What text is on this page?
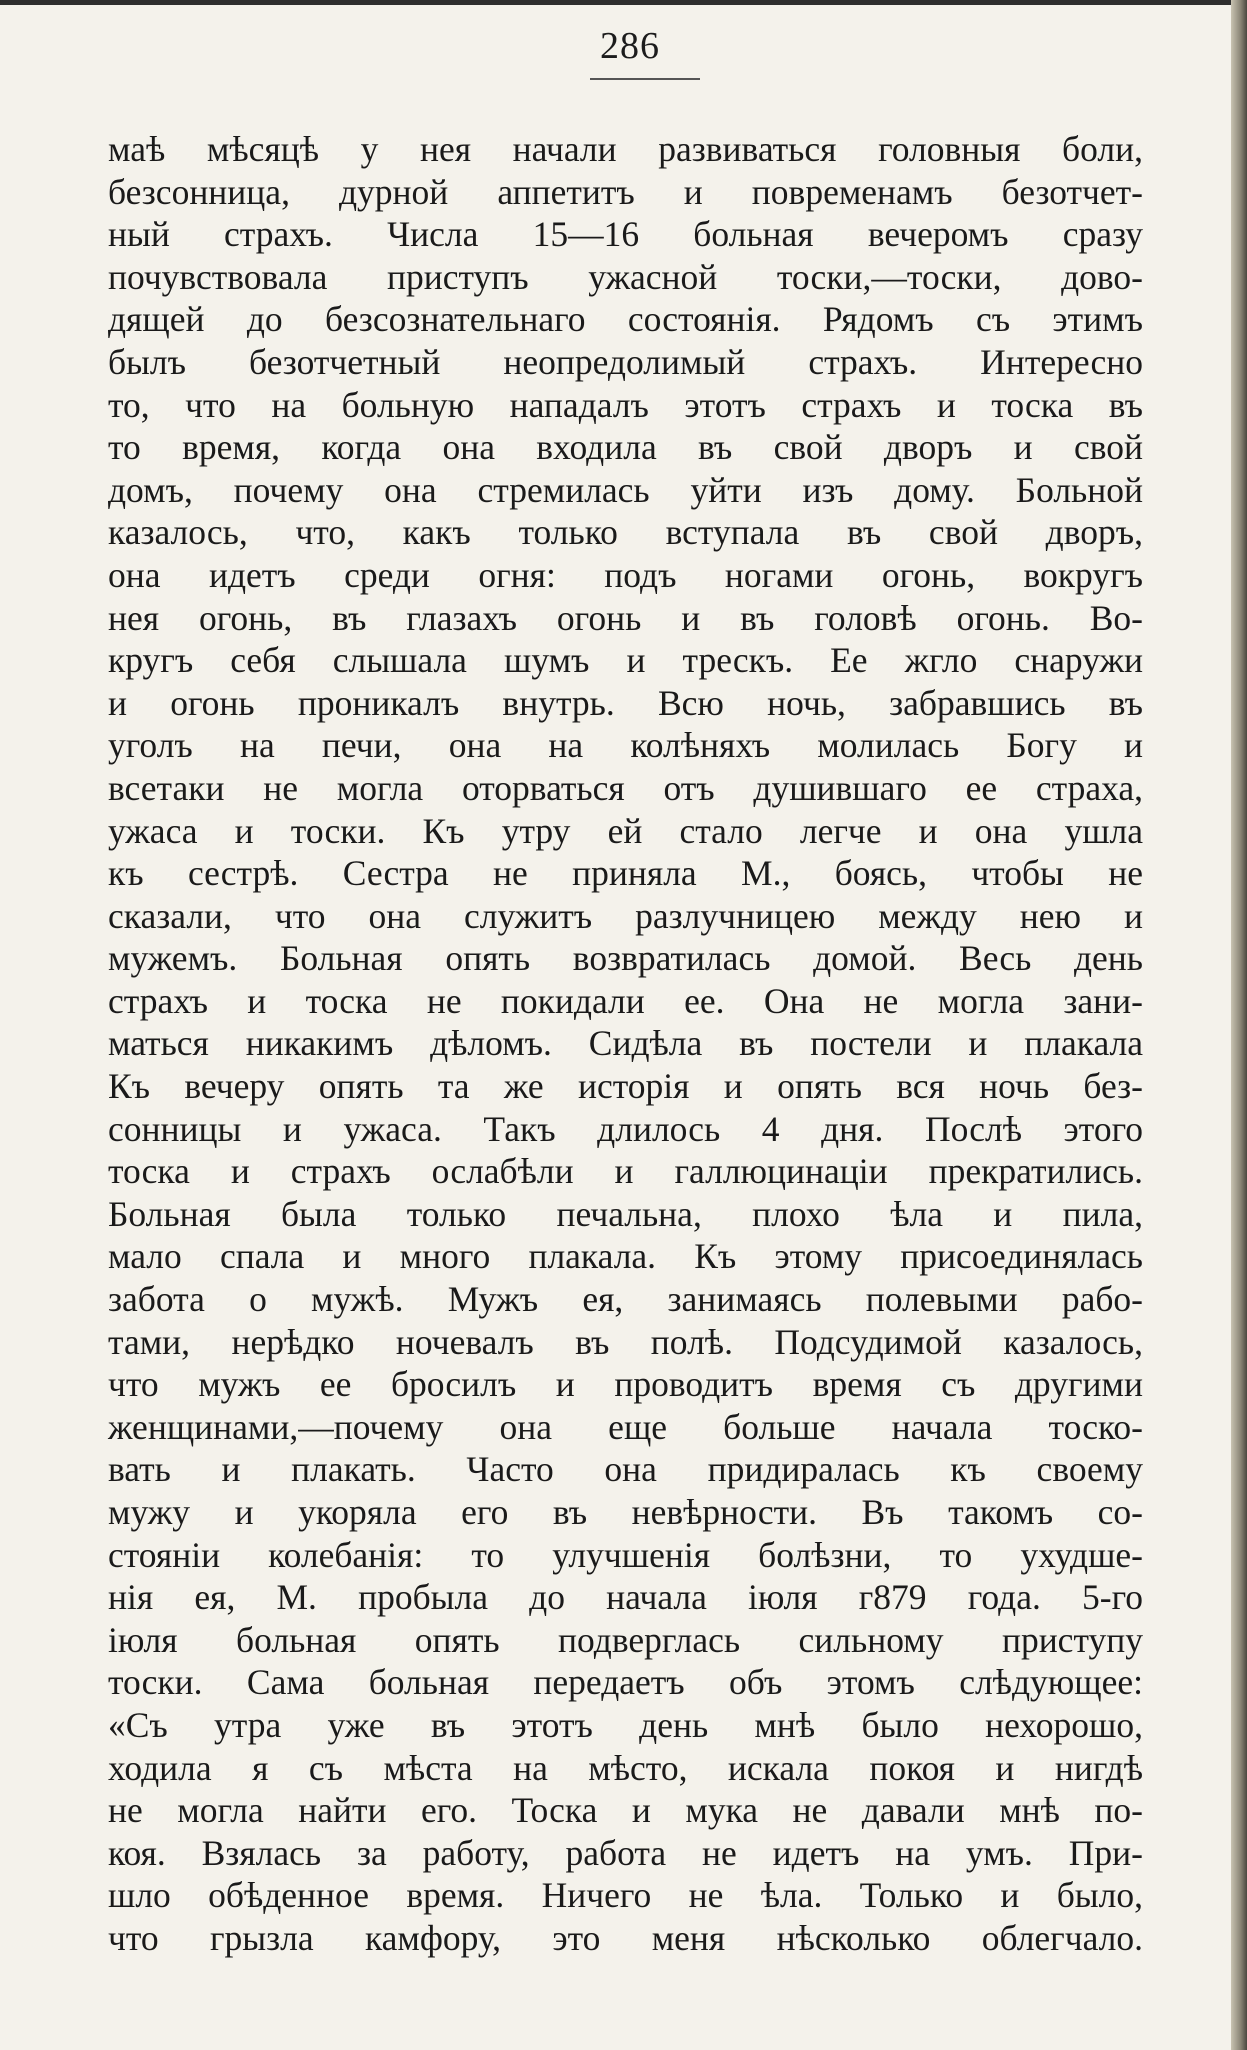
286
маѣ мѣсяцѣ у нея начали развиваться головныя боли,
безсонница, дурной аппетитъ и повременамъ безотчет-
ный страхъ. Числа 15—16 больная вечеромъ сразу
почувствовала приступъ ужасной тоски,—тоски, дово-
дящей до безсознательнаго состоянія. Рядомъ съ этимъ
былъ безотчетный неопредолимый страхъ. Интересно
то, что на больную нападалъ этотъ страхъ и тоска въ
то время, когда она входила въ свой дворъ и свой
домъ, почему она стремилась уйти изъ дому. Больной
казалось, что, какъ только вступала въ свой дворъ,
она идетъ среди огня: подъ ногами огонь, вокругъ
нея огонь, въ глазахъ огонь и въ головѣ огонь. Во-
кругъ себя слышала шумъ и трескъ. Ее жгло снаружи
и огонь проникалъ внутрь. Всю ночь, забравшись въ
уголъ на печи, она на колѣняхъ молилась Богу и
всетаки не могла оторваться отъ душившаго ее страха,
ужаса и тоски. Къ утру ей стало легче и она ушла
къ сестрѣ. Сестра не приняла М., боясь, чтобы не
сказали, что она служитъ разлучницею между нею и
мужемъ. Больная опять возвратилась домой. Весь день
страхъ и тоска не покидали ее. Она не могла зани-
маться никакимъ дѣломъ. Сидѣла въ постели и плакала
Къ вечеру опять та же исторія и опять вся ночь без-
сонницы и ужаса. Такъ длилось 4 дня. Послѣ этого
тоска и страхъ ослабѣли и галлюцинаціи прекратились.
Больная была только печальна, плохо ѣла и пила,
мало спала и много плакала. Къ этому присоединялась
забота о мужѣ. Мужъ ея, занимаясь полевыми рабо-
тами, нерѣдко ночевалъ въ полѣ. Подсудимой казалось,
что мужъ ее бросилъ и проводитъ время съ другими
женщинами,—почему она еще больше начала тоско-
вать и плакать. Часто она придиралась къ своему
мужу и укоряла его въ невѣрности. Въ такомъ со-
стояніи колебанія: то улучшенія болѣзни, то ухудше-
нія ея, М. пробыла до начала іюля г879 года. 5-го
іюля больная опять подверглась сильному приступу
тоски. Сама больная передаетъ объ этомъ слѣдующее:
«Съ утра уже въ этотъ день мнѣ было нехорошо,
ходила я съ мѣста на мѣсто, искала покоя и нигдѣ
не могла найти его. Тоска и мука не давали мнѣ по-
коя. Взялась за работу, работа не идетъ на умъ. При-
шло обѣденное время. Ничего не ѣла. Только и было,
что грызла камфору, это меня нѣсколько облегчало.
